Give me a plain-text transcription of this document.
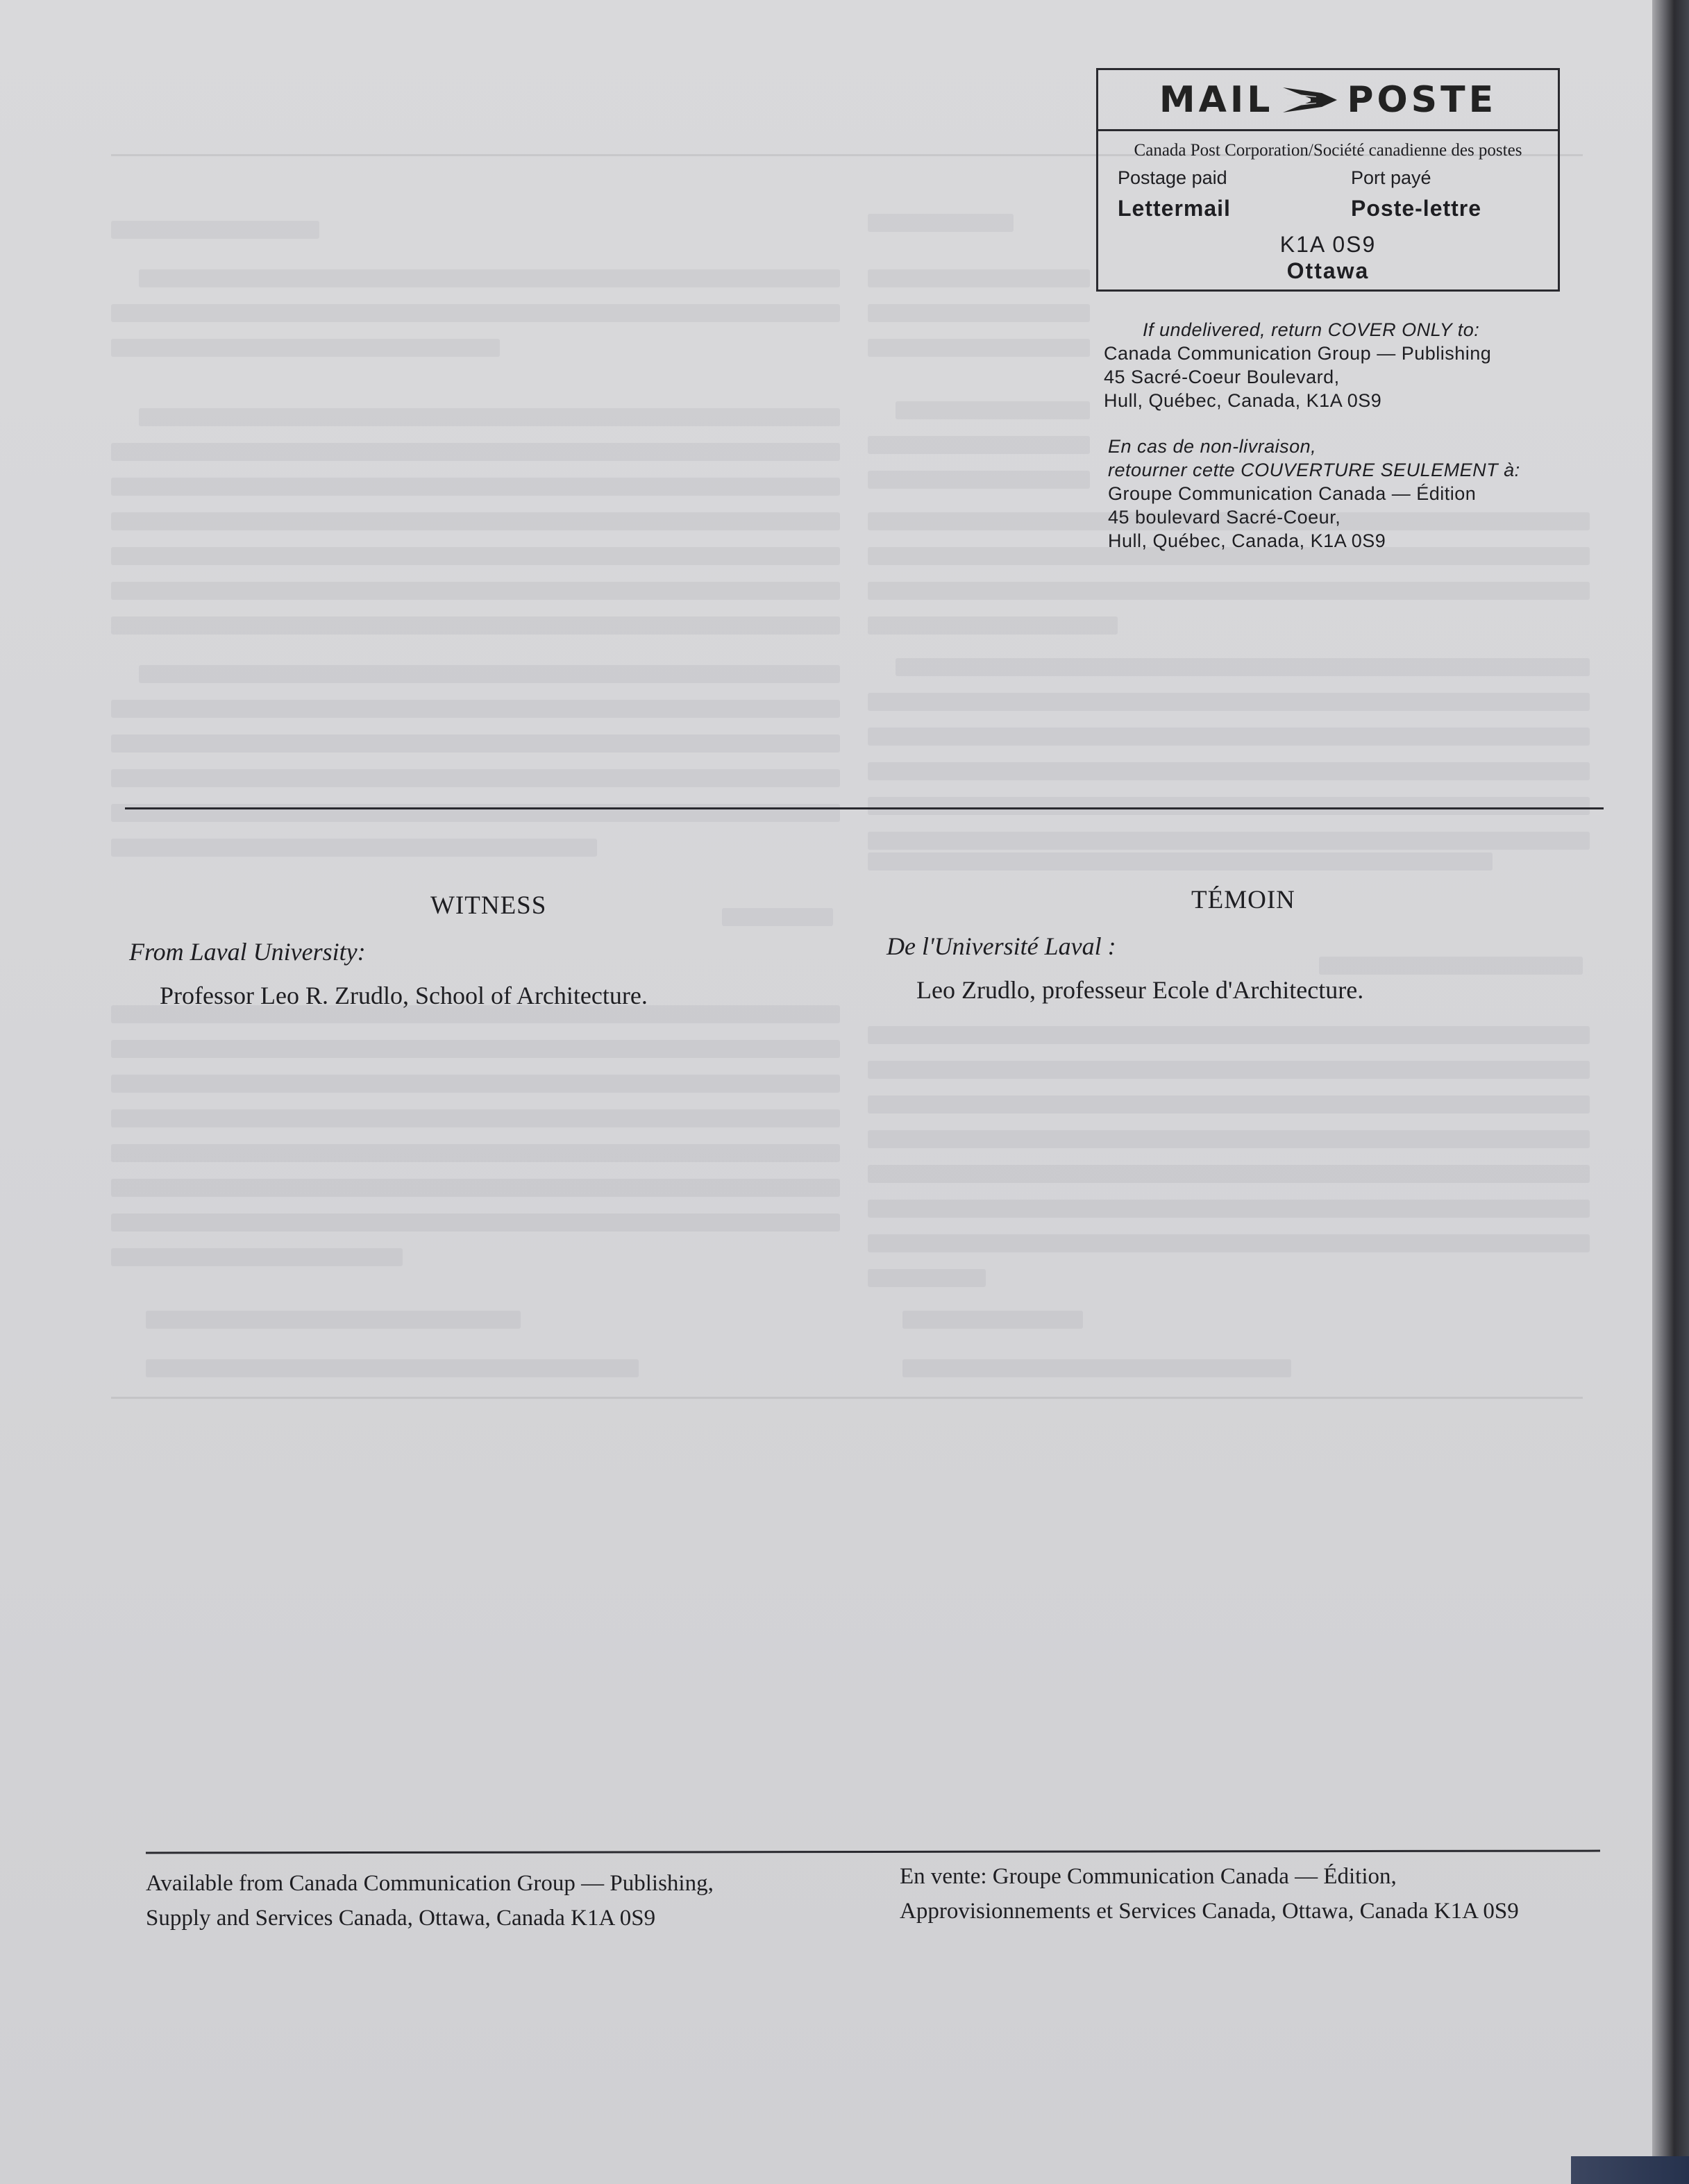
MAIL POSTE
Canada Post Corporation/Société canadienne des postes
Postage paid	Port payé
Lettermail	Poste-lettre
K1A 0S9
Ottawa
If undelivered, return COVER ONLY to:
Canada Communication Group — Publishing
45 Sacré-Coeur Boulevard,
Hull, Québec, Canada, K1A 0S9
En cas de non-livraison,
retourner cette COUVERTURE SEULEMENT à:
Groupe Communication Canada — Édition
45 boulevard Sacré-Coeur,
Hull, Québec, Canada, K1A 0S9
WITNESS
From Laval University:
Professor Leo R. Zrudlo, School of Architecture.
TÉMOIN
De l'Université Laval :
Leo Zrudlo, professeur Ecole d'Architecture.
Available from Canada Communication Group — Publishing,
Supply and Services Canada, Ottawa, Canada K1A 0S9
En vente: Groupe Communication Canada — Édition,
Approvisionnements et Services Canada, Ottawa, Canada K1A 0S9
